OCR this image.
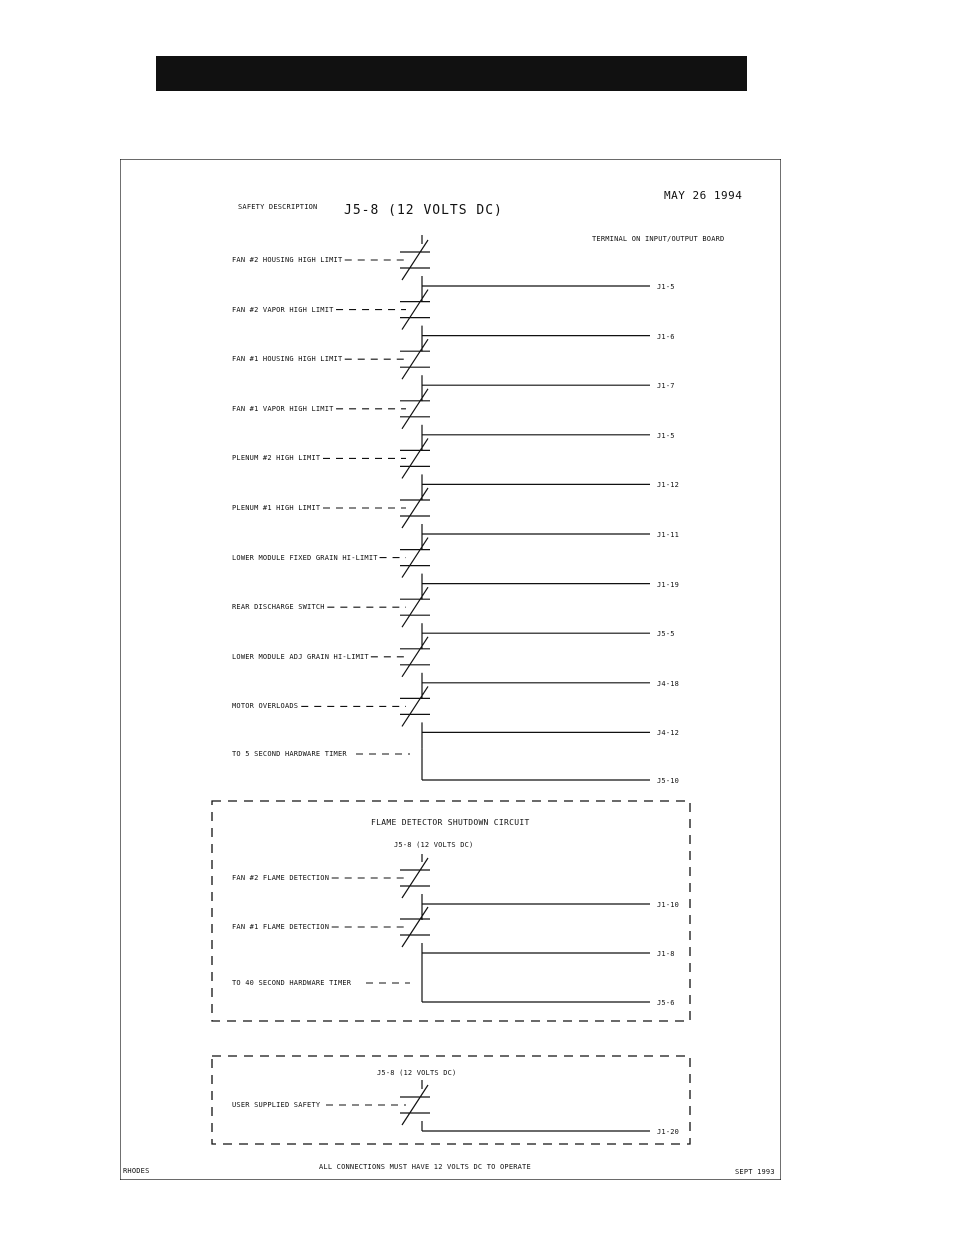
SAFETY DESCRIPTION J5-8 (12 VOLTS DC)
MAY 26 1994
TERMINAL ON INPUT/OUTPUT BOARD
FAN #2 HOUSING HIGH LIMIT
J1-5
FAN #2 VAPOR HIGH LIMIT
J1-6
FAN #1 HOUSING HIGH LIMIT
J1-7
FAN #1 VAPOR HIGH LIMIT
J1-5
PLENUM #2 HIGH LIMIT
J1-12
PLENUM #1 HIGH LIMIT
J1-11
LOWER MODULE FIXED GRAIN HI-LIMIT
J1-19
REAR DISCHARGE SWITCH
J5-5
LOWER MODULE ADJ GRAIN HI-LIMIT
J4-18
MOTOR OVERLOADS
J4-12
TO 5 SECOND HARDWARE TIMER
J5-10
FAN #2 FLAME DETECTION
J1-10
FAN #1 FLAME DETECTION
J1-8
TO 40 SECOND HARDWARE TIMER
J5-6
USER SUPPLIED SAFETY
J1-20
FLAME DETECTOR SHUTDOWN CIRCUIT
J5-8 (12 VOLTS DC)
J5-8 (12 VOLTS DC)
RHODES	ALL CONNECTIONS MUST HAVE 12 VOLTS DC TO OPERATE
SEPT 1993
